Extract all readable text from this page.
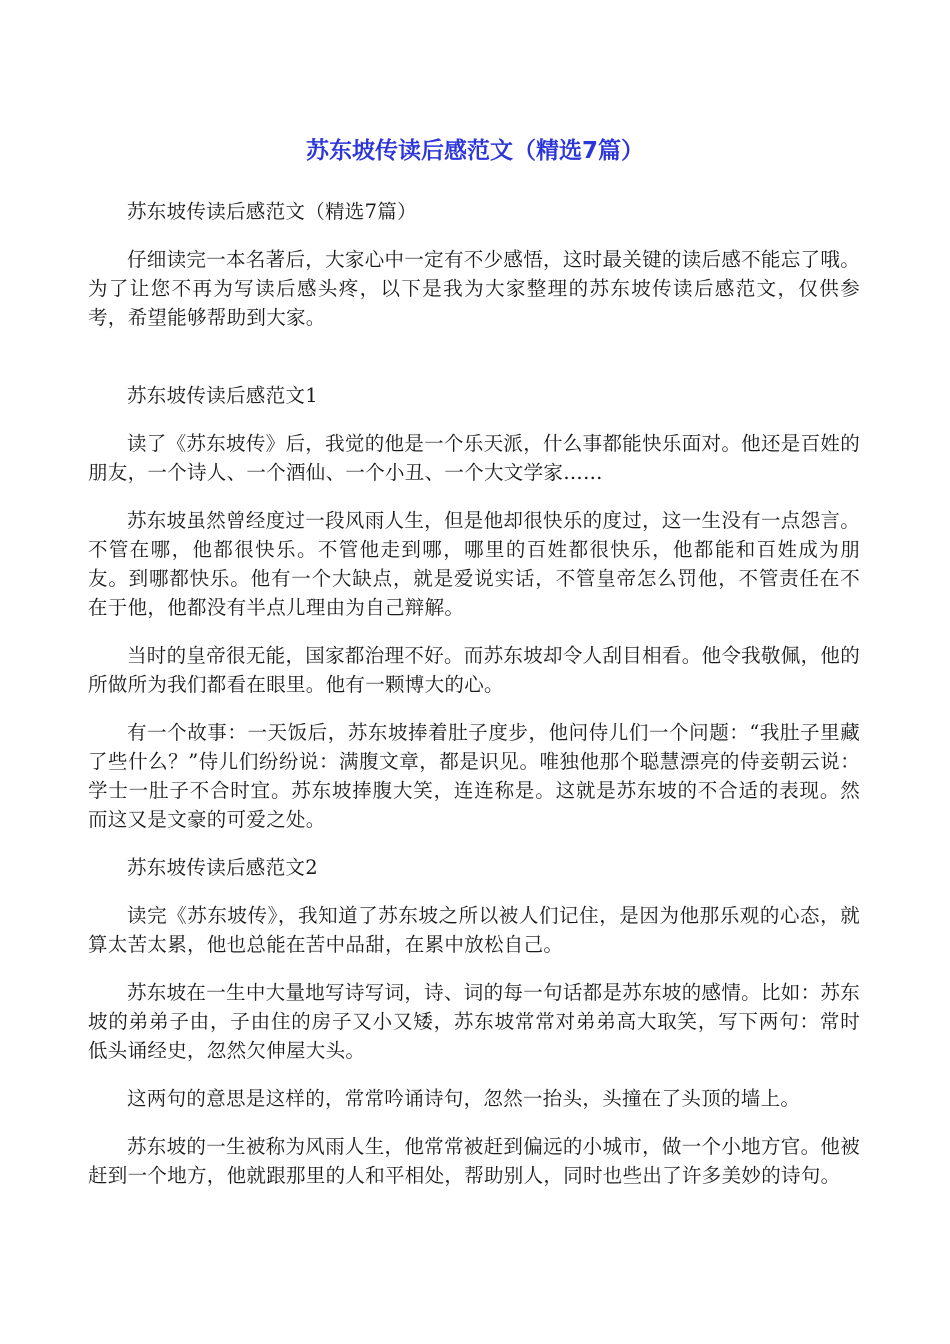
苏东坡传读后感范文（精选7篇）

苏东坡传读后感范文（精选7篇）

仔细读完一本名著后，大家心中一定有不少感悟，这时最关键的读后感不能忘了哦。为了让您不再为写读后感头疼，以下是我为大家整理的苏东坡传读后感范文，仅供参考，希望能够帮助到大家。

苏东坡传读后感范文1

读了《苏东坡传》后，我觉的他是一个乐天派，什么事都能快乐面对。他还是百姓的朋友，一个诗人、一个酒仙、一个小丑、一个大文学家……

苏东坡虽然曾经度过一段风雨人生，但是他却很快乐的度过，这一生没有一点怨言。不管在哪，他都很快乐。不管他走到哪，哪里的百姓都很快乐，他都能和百姓成为朋友。到哪都快乐。他有一个大缺点，就是爱说实话，不管皇帝怎么罚他，不管责任在不在于他，他都没有半点儿理由为自己辩解。

当时的皇帝很无能，国家都治理不好。而苏东坡却令人刮目相看。他令我敬佩，他的所做所为我们都看在眼里。他有一颗博大的心。

有一个故事：一天饭后，苏东坡捧着肚子度步，他问侍儿们一个问题：“我肚子里藏了些什么？”侍儿们纷纷说：满腹文章，都是识见。唯独他那个聪慧漂亮的侍妾朝云说：学士一肚子不合时宜。苏东坡捧腹大笑，连连称是。这就是苏东坡的不合适的表现。然而这又是文豪的可爱之处。

苏东坡传读后感范文2

读完《苏东坡传》，我知道了苏东坡之所以被人们记住，是因为他那乐观的心态，就算太苦太累，他也总能在苦中品甜，在累中放松自己。

苏东坡在一生中大量地写诗写词，诗、词的每一句话都是苏东坡的感情。比如：苏东坡的弟弟子由，子由住的房子又小又矮，苏东坡常常对弟弟高大取笑，写下两句：常时低头诵经史，忽然欠伸屋大头。

这两句的意思是这样的，常常吟诵诗句，忽然一抬头，头撞在了头顶的墙上。

苏东坡的一生被称为风雨人生，他常常被赶到偏远的小城市，做一个小地方官。他被赶到一个地方，他就跟那里的人和平相处，帮助别人，同时也些出了许多美妙的诗句。
